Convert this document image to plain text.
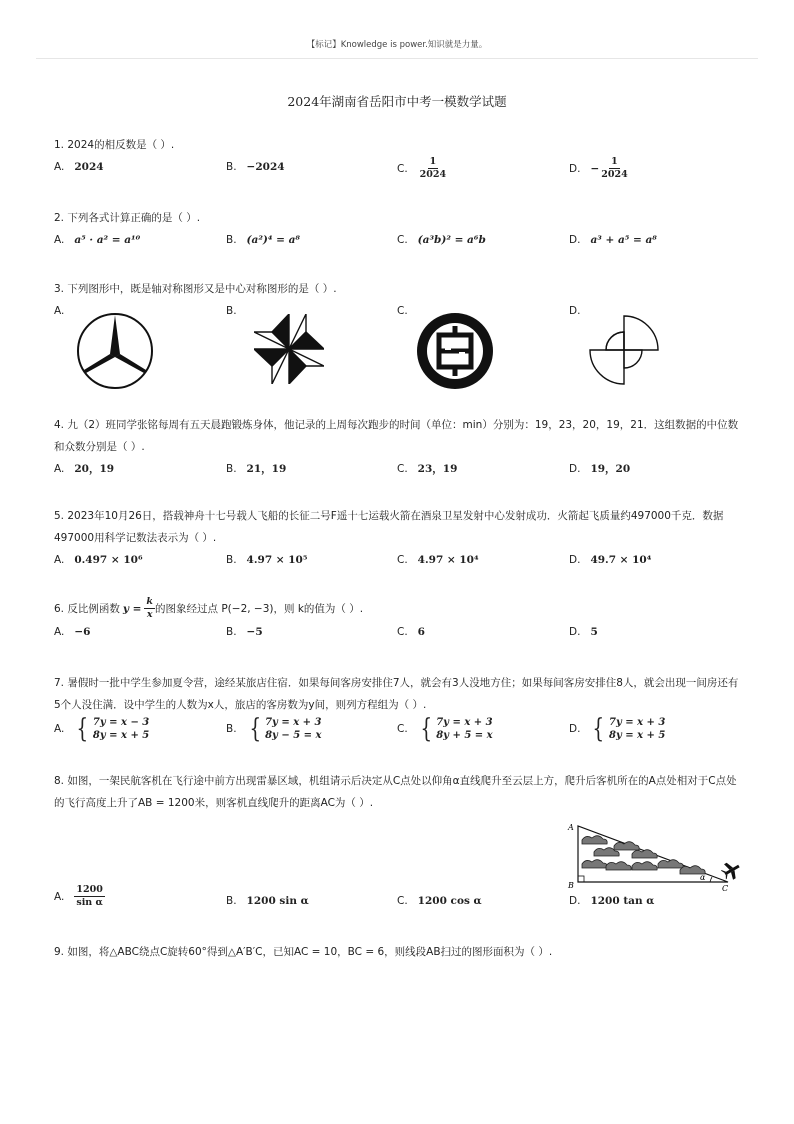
【标记】Knowledge is power.知识就是力量。
2024年湖南省岳阳市中考一模数学试题
1. 2024的相反数是（ ）.
A. 2024	B. −2024	C. $\frac{1}{2024}$	D. − $\frac{1}{2024}$
2. 下列各式计算正确的是（ ）.
A. a⁵ · a² = a¹⁰	B. (a²)⁴ = a⁸	C. (a³b)² = a⁶b	D. a³ + a⁵ = a⁸
3. 下列图形中，既是轴对称图形又是中心对称图形的是（ ）.
A.	B.	C.	D.
4. 九（2）班同学张铭每周有五天晨跑锻炼身体，他记录的上周每次跑步的时间（单位：min）分别为：19，23，20，19，21．这组数据的中位数和众数分别是（ ）.
A. 20，19	B. 21，19	C. 23，19	D. 19，20
5. 2023年10月26日，搭载神舟十七号载人飞船的长征二号F遥十七运载火箭在酒泉卫星发射中心发射成功．火箭起飞质量约497000千克．数据497000用科学记数法表示为（ ）.
A. 0.497 × 10⁶	B. 4.97 × 10⁵	C. 4.97 × 10⁴	D. 49.7 × 10⁴
6. 反比例函数 $y = \frac{k}{x}$ 的图象经过点 P(−2, −3)，则 k的值为（ ）.
A. −6	B. −5	C. 6	D. 5
7. 暑假时一批中学生参加夏令营，途经某旅店住宿．如果每间客房安排住7人，就会有3人没地方住；如果每间客房安排住8人，就会出现一间房还有5个人没住满．设中学生的人数为x人，旅店的客房数为y间，则列方程组为（ ）.
A. { 7y = x − 3
8y = x + 5
B. { 7y = x + 3
8y − 5 = x
C. { 7y = x + 3
8y + 5 = x
D. { 7y = x + 3
8y = x + 5
8. 如图，一架民航客机在飞行途中前方出现雷暴区域，机组请示后决定从C点处以仰角α直线爬升至云层上方，爬升后客机所在的A点处相对于C点处的飞行高度上升了AB = 1200米，则客机直线爬升的距离AC为（ ）.
α
A
B	C
A. $\frac{1200}{\text{sin α}}$	B. 1200 sin α	C. 1200 cos α	D. 1200 tan α
9. 如图，将△ABC绕点C旋转60°得到△A′B′C，已知AC = 10，BC = 6，则线段AB扫过的图形面积为（ ）.
